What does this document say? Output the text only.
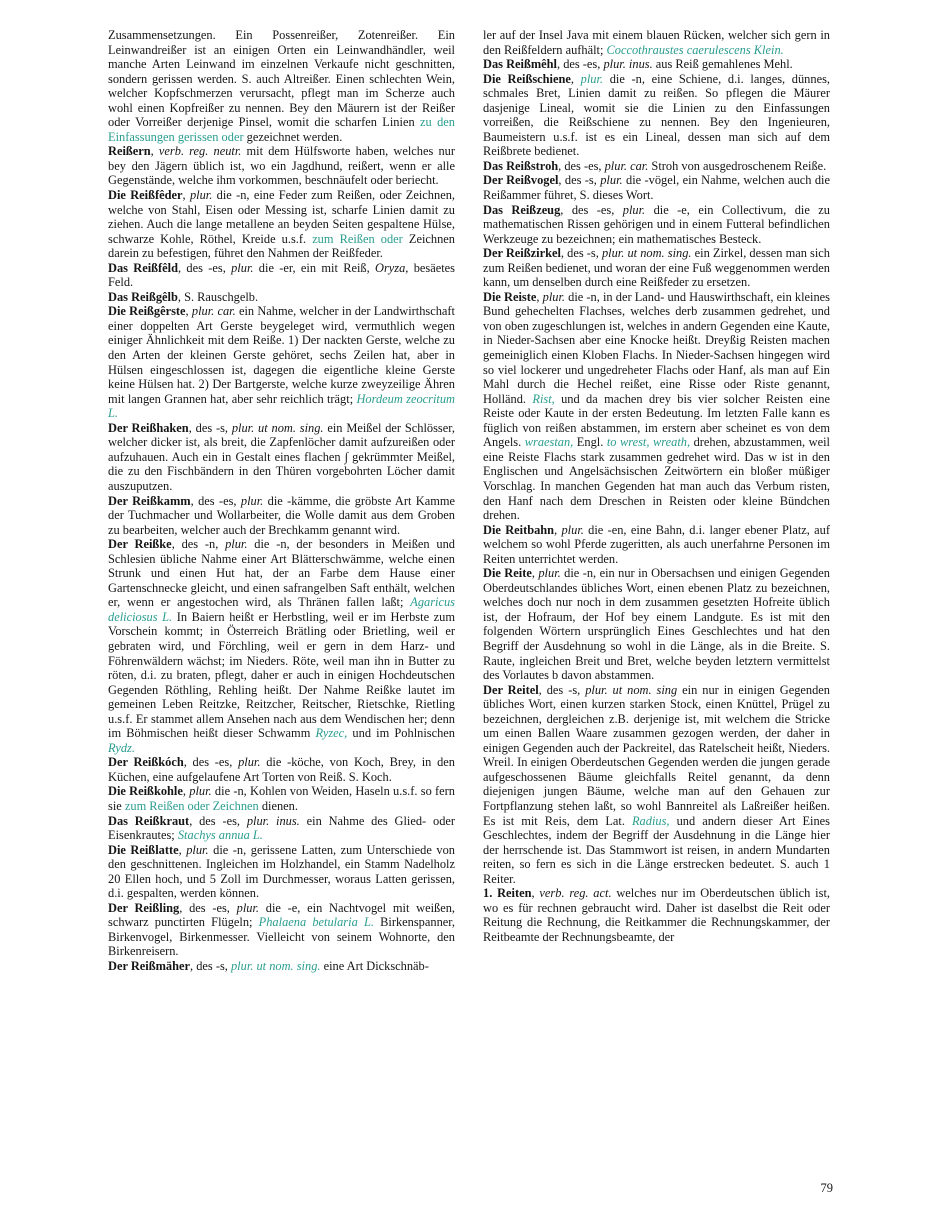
Zusammensetzungen. Ein Possenreißer, Zotenreißer. Ein Leinwandreißer ist an einigen Orten ein Leinwandhändler, weil manche Arten Leinwand im einzelnen Verkaufe nicht geschnitten, sondern gerissen werden. S. auch Altreißer. Einen schlechten Wein, welcher Kopfschmerzen verursacht, pflegt man im Scherze auch wohl einen Kopfreißer zu nennen. Bey den Mäurern ist der Reißer oder Vorreißer derjenige Pinsel, womit die scharfen Linien zu den Einfassungen gerissen oder gezeichnet werden.

Reißern, verb. reg. neutr. mit dem Hülfsworte haben, welches nur bey den Jägern üblich ist, wo ein Jagdhund, reißert, wenn er alle Gegenstände, welche ihm vorkommen, beschnäufelt oder beriecht.

Die Reißfêder, plur. die -n, eine Feder zum Reißen, oder Zeichnen, welche von Stahl, Eisen oder Messing ist, scharfe Linien damit zu ziehen. Auch die lange metallene an beyden Seiten gespaltene Hülse, schwarze Kohle, Röthel, Kreide u.s.f. zum Reißen oder Zeichnen darein zu befestigen, führet den Nahmen der Reißfeder.

Das Reißfêld, des -es, plur. die -er, ein mit Reiß, Oryza, besäetes Feld.

Das Reißgêlb, S. Rauschgelb.

Die Reißgêrste, plur. car. ein Nahme, welcher in der Landwirthschaft einer doppelten Art Gerste beygeleget wird, vermuthlich wegen einiger Ähnlichkeit mit dem Reiße. 1) Der nackten Gerste, welche zu den Arten der kleinen Gerste gehöret, sechs Zeilen hat, aber in Hülsen eingeschlossen ist, dagegen die eigentliche kleine Gerste keine Hülsen hat. 2) Der Bartgerste, welche kurze zweyzeilige Ähren mit langen Grannen hat, aber sehr reichlich trägt; Hordeum zeocritum L.

Der Reißhaken, des -s, plur. ut nom. sing. ein Meißel der Schlösser, welcher dicker ist, als breit, die Zapfenlöcher damit aufzureißen oder aufzuhauen. Auch ein in Gestalt eines flachen ∫ gekrümmter Meißel, die zu den Fischbändern in den Thüren vorgebohrten Löcher damit auszuputzen.

Der Reißkamm, des -es, plur. die -kämme, die gröbste Art Kamme der Tuchmacher und Wollarbeiter, die Wolle damit aus dem Groben zu bearbeiten, welcher auch der Brechkamm genannt wird.

Der Reißke, des -n, plur. die -n, der besonders in Meißen und Schlesien übliche Nahme einer Art Blätterschwämme, welche einen Strunk und einen Hut hat, der an Farbe dem Hause einer Gartenschnecke gleicht, und einen safrangelben Saft enthält, welchen er, wenn er angestochen wird, als Thränen fallen laßt; Agaricus deliciosus L. In Baiern heißt er Herbstling, weil er im Herbste zum Vorschein kommt; in Österreich Brätling oder Brietling, weil er gebraten wird, und Förchling, weil er gern in dem Harz- und Föhrenwäldern wächst; im Nieders. Röte, weil man ihn in Butter zu röten, d.i. zu braten, pflegt, daher er auch in einigen Hochdeutschen Gegenden Röthling, Rehling heißt. Der Nahme Reißke lautet im gemeinen Leben Reitzke, Reitzcher, Reitscher, Rietschke, Rietling u.s.f. Er stammet allem Ansehen nach aus dem Wendischen her; denn im Böhmischen heißt dieser Schwamm Ryzec, und im Pohlnischen Rydz.

Der Reißkóch, des -es, plur. die -köche, von Koch, Brey, in den Küchen, eine aufgelaufene Art Torten von Reiß. S. Koch.

Die Reißkohle, plur. die -n, Kohlen von Weiden, Haseln u.s.f. so fern sie zum Reißen oder Zeichnen dienen.

Das Reißkraut, des -es, plur. inus. ein Nahme des Glied- oder Eisenkrautes; Stachys annua L.

Die Reißlatte, plur. die -n, gerissene Latten, zum Unterschiede von den geschnittenen. Ingleichen im Holzhandel, ein Stamm Nadelholz 20 Ellen hoch, und 5 Zoll im Durchmesser, woraus Latten gerissen, d.i. gespalten, werden können.

Der Reißling, des -es, plur. die -e, ein Nachtvogel mit weißen, schwarz punctirten Flügeln; Phalaena betularia L. Birkenspanner, Birkenvogel, Birkenmesser. Vielleicht von seinem Wohnorte, den Birkenreisern.

Der Reißmäher, des -s, plur. ut nom. sing. eine Art Dickschnäb-

ler auf der Insel Java mit einem blauen Rücken, welcher sich gern in den Reißfeldern aufhält; Coccothraustes caerulescens Klein.

Das Reißmêhl, des -es, plur. inus. aus Reiß gemahlenes Mehl.

Die Reißschiene, plur. die -n, eine Schiene, d.i. langes, dünnes, schmales Bret, Linien damit zu reißen. So pflegen die Mäurer dasjenige Lineal, womit sie die Linien zu den Einfassungen vorreißen, die Reißschiene zu nennen. Bey den Ingenieuren, Baumeistern u.s.f. ist es ein Lineal, dessen man sich auf dem Reißbrete bedienet.

Das Reißstroh, des -es, plur. car. Stroh von ausgedroschenem Reiße.

Der Reißvogel, des -s, plur. die -vögel, ein Nahme, welchen auch die Reißammer führet, S. dieses Wort.

Das Reißzeug, des -es, plur. die -e, ein Collectivum, die zu mathematischen Rissen gehörigen und in einem Futteral befindlichen Werkzeuge zu bezeichnen; ein mathematisches Besteck.

Der Reißzirkel, des -s, plur. ut nom. sing. ein Zirkel, dessen man sich zum Reißen bedienet, und woran der eine Fuß weggenommen werden kann, um denselben durch eine Reißfeder zu ersetzen.

Die Reiste, plur. die -n, in der Land- und Hauswirthschaft, ein kleines Bund gehechelten Flachses, welches derb zusammen gedrehet, und von oben zugeschlungen ist, welches in andern Gegenden eine Kaute, in Nieder-Sachsen aber eine Knocke heißt. Dreyßig Reisten machen gemeiniglich einen Kloben Flachs. In Nieder-Sachsen hingegen wird so viel lockerer und ungedreheter Flachs oder Hanf, als man auf Ein Mahl durch die Hechel reißet, eine Risse oder Riste genannt, Holländ. Rist, und da machen drey bis vier solcher Reisten eine Reiste oder Kaute in der ersten Bedeutung. Im letzten Falle kann es füglich von reißen abstammen, im erstern aber scheinet es von dem Angels. wraestan, Engl. to wrest, wreath, drehen, abzustammen, weil eine Reiste Flachs stark zusammen gedrehet wird. Das w ist in den Englischen und Angelsächsischen Zeitwörtern ein bloßer müßiger Vorschlag. In manchen Gegenden hat man auch das Verbum risten, den Hanf nach dem Dreschen in Reisten oder kleine Bündchen drehen.

Die Reitbahn, plur. die -en, eine Bahn, d.i. langer ebener Platz, auf welchem so wohl Pferde zugeritten, als auch unerfahrne Personen im Reiten unterrichtet werden.

Die Reite, plur. die -n, ein nur in Obersachsen und einigen Gegenden Oberdeutschlandes übliches Wort, einen ebenen Platz zu bezeichnen, welches doch nur noch in dem zusammen gesetzten Hofreite üblich ist, der Hofraum, der Hof bey einem Landgute. Es ist mit den folgenden Wörtern ursprünglich Eines Geschlechtes und hat den Begriff der Ausdehnung so wohl in die Länge, als in die Breite. S. Raute, ingleichen Breit und Bret, welche beyden letztern vermittelst des Vorlautes b davon abstammen.

Der Reitel, des -s, plur. ut nom. sing ein nur in einigen Gegenden übliches Wort, einen kurzen starken Stock, einen Knüttel, Prügel zu bezeichnen, dergleichen z.B. derjenige ist, mit welchem die Stricke um einen Ballen Waare zusammen gezogen werden, der daher in einigen Gegenden auch der Packreitel, das Ratelscheit heißt, Nieders. Wreil. In einigen Oberdeutschen Gegenden werden die jungen gerade aufgeschossenen Bäume gleichfalls Reitel genannt, da denn diejenigen jungen Bäume, welche man auf den Gehauen zur Fortpflanzung stehen laßt, so wohl Bannreitel als Laßreißer heißen. Es ist mit Reis, dem Lat. Radius, und andern dieser Art Eines Geschlechtes, indem der Begriff der Ausdehnung in die Länge hier der herrschende ist. Das Stammwort ist reisen, in andern Mundarten reiten, so fern es sich in die Länge erstrecken bedeutet. S. auch 1 Reiter.

1. Reiten, verb. reg. act. welches nur im Oberdeutschen üblich ist, wo es für rechnen gebraucht wird. Daher ist daselbst die Reit oder Reitung die Rechnung, die Reitkammer die Rechnungskammer, der Reitbeamte der Rechnungsbeamte, der

79
